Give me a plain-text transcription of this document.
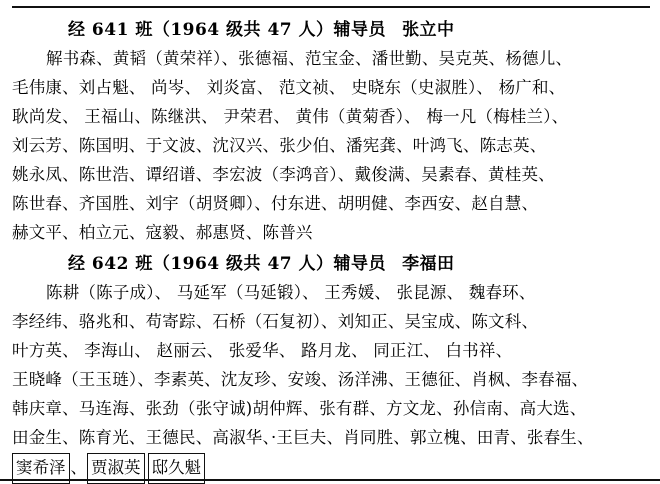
经 641 班（1964 级共 47 人）辅导员 张立中
解书森、黄韬（黄荣祥）、张德福、范宝金、潘世勤、吴克英、杨德儿、
毛伟康、刘占魁、 尚岑、 刘炎富、 范文祯、 史晓东（史淑胜）、 杨广和、
耿尚发、 王福山、陈继洪、 尹荣君、 黄伟（黄菊香）、 梅一凡（梅桂兰）、
刘云芳、陈国明、于文波、沈汉兴、张少伯、潘宪龚、叶鸿飞、陈志英、
姚永凤、陈世浩、谭绍谱、李宏波（李鸿音）、戴俊满、吴素春、黄桂英、
陈世春、齐国胜、刘宇（胡贤卿）、付东进、胡明健、李西安、赵自慧、
赫文平、柏立元、寇毅、郝惠贤、陈普兴
经 642 班（1964 级共 47 人）辅导员 李福田
陈耕（陈子成）、 马延军（马延锻）、 王秀媛、 张昆源、 魏春环、
李经纬、骆兆和、苟寄踪、石桥（石复初）、刘知正、吴宝成、陈文科、
叶方英、 李海山、 赵丽云、 张爱华、 路月龙、 同正江、 白书祥、
王晓峰（王玉琏）、李素英、沈友珍、安竣、汤洋沸、王德征、肖枫、李春福、
韩庆章、马连海、张劲（张守诚)胡仲辉、张有群、方文龙、孙信南、高大选、
田金生、陈育光、王德民、高淑华、·王巨夫、肖同胜、郭立槐、田青、张春生、
窦希泽 、 贾淑英 邸久魁
